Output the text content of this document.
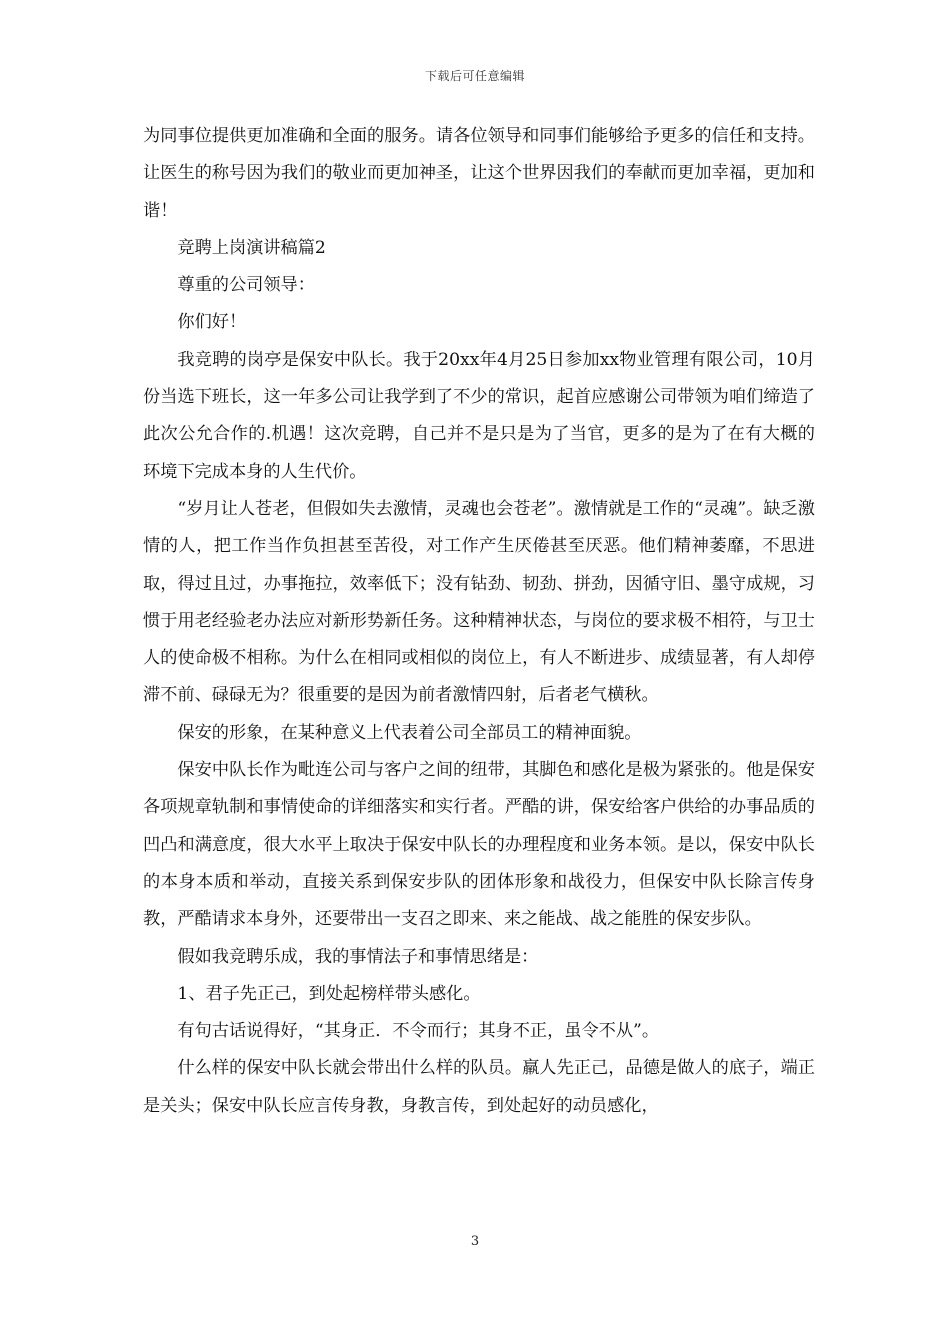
下载后可任意编辑

为同事位提供更加准确和全面的服务。请各位领导和同事们能够给予更多的信任和支持。让医生的称号因为我们的敬业而更加神圣，让这个世界因我们的奉献而更加幸福，更加和谐！

竞聘上岗演讲稿篇2

尊重的公司领导：

你们好！

我竞聘的岗亭是保安中队长。我于20xx年4月25日参加xx物业管理有限公司，10月份当选下班长，这一年多公司让我学到了不少的常识，起首应感谢公司带领为咱们缔造了此次公允合作的.机遇！这次竞聘，自己并不是只是为了当官，更多的是为了在有大概的环境下完成本身的人生代价。

“岁月让人苍老，但假如失去激情，灵魂也会苍老”。激情就是工作的“灵魂”。缺乏激情的人，把工作当作负担甚至苦役，对工作产生厌倦甚至厌恶。他们精神萎靡，不思进取，得过且过，办事拖拉，效率低下；没有钻劲、韧劲、拼劲，因循守旧、墨守成规，习惯于用老经验老办法应对新形势新任务。这种精神状态，与岗位的要求极不相符，与卫士人的使命极不相称。为什么在相同或相似的岗位上，有人不断进步、成绩显著，有人却停滞不前、碌碌无为？很重要的是因为前者激情四射，后者老气横秋。

保安的形象，在某种意义上代表着公司全部员工的精神面貌。

保安中队长作为毗连公司与客户之间的纽带，其脚色和感化是极为紧张的。他是保安各项规章轨制和事情使命的详细落实和实行者。严酷的讲，保安给客户供给的办事品质的凹凸和满意度，很大水平上取决于保安中队长的办理程度和业务本领。是以，保安中队长的本身本质和举动，直接关系到保安步队的团体形象和战役力，但保安中队长除言传身教，严酷请求本身外，还要带出一支召之即来、来之能战、战之能胜的保安步队。

假如我竞聘乐成，我的事情法子和事情思绪是：

1、君子先正己，到处起榜样带头感化。

有句古话说得好，“其身正．不令而行；其身不正，虽令不从”。

什么样的保安中队长就会带出什么样的队员。羸人先正己，品德是做人的底子，端正是关头；保安中队长应言传身教，身教言传，到处起好的动员感化，

3
